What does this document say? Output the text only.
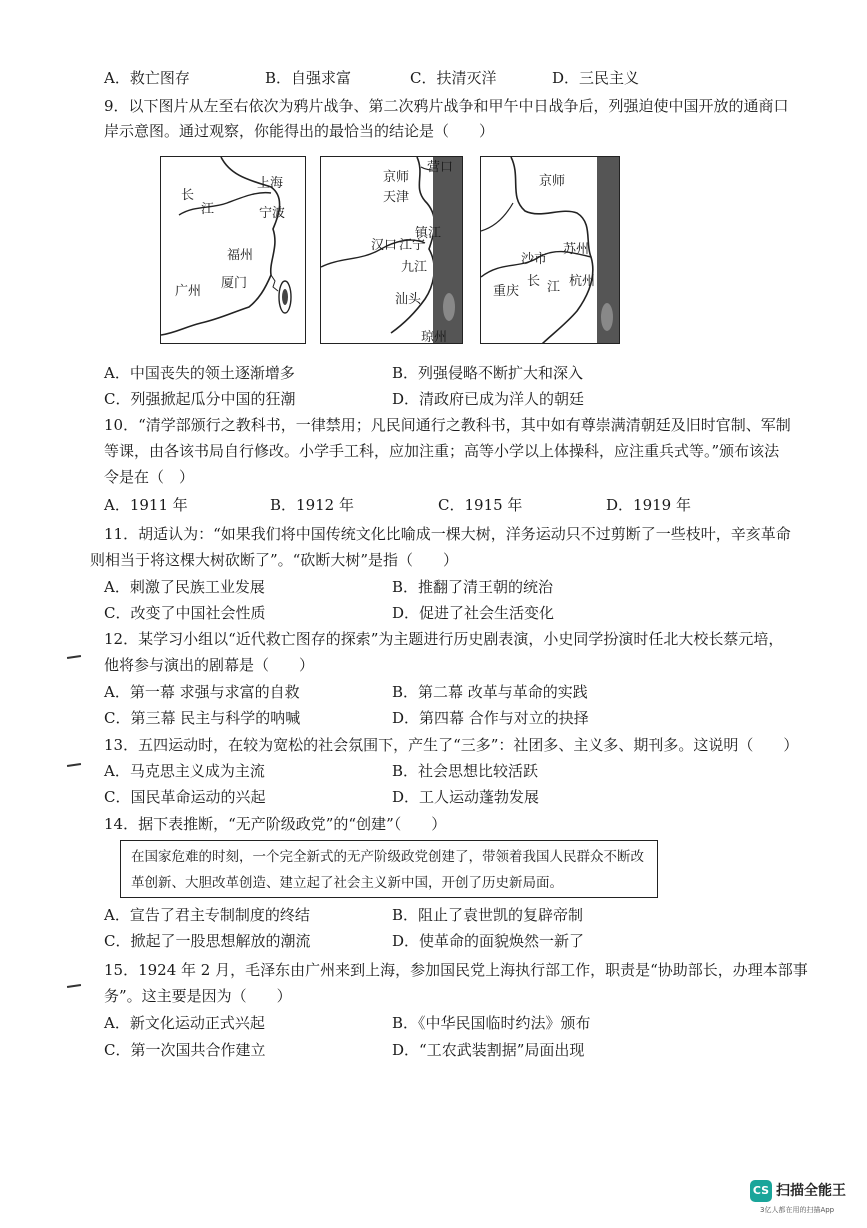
A．救亡图存	B．自强求富	C．扶清灭洋	D．三民主义
9．以下图片从左至右依次为鸦片战争、第二次鸦片战争和甲午中日战争后，列强迫使中国开放的通商口
岸示意图。通过观察，你能得出的最恰当的结论是（　　）
长
江
上海
宁波
福州
厦门
广州
京师
营口
天津
汉口 江宁
镇江
九江
汕头
琼州
京师
苏州
沙市
重庆
长 江 杭州
A．中国丧失的领土逐渐增多	B．列强侵略不断扩大和深入
C．列强掀起瓜分中国的狂潮	D．清政府已成为洋人的朝廷
10．“清学部颁行之教科书，一律禁用；凡民间通行之教科书，其中如有尊崇满清朝廷及旧时官制、军制
等课，由各该书局自行修改。小学手工科，应加注重；高等小学以上体操科，应注重兵式等。”颁布该法
令是在（　）
A．1911 年	B．1912 年	C．1915 年	D．1919 年
11．胡适认为：“如果我们将中国传统文化比喻成一棵大树，洋务运动只不过剪断了一些枝叶，辛亥革命
则相当于将这棵大树砍断了”。“砍断大树”是指（　　）
A．刺激了民族工业发展	B．推翻了清王朝的统治
C．改变了中国社会性质	D．促进了社会生活变化
12．某学习小组以“近代救亡图存的探索”为主题进行历史剧表演，小史同学扮演时任北大校长蔡元培，
他将参与演出的剧幕是（　　）
A．第一幕 求强与求富的自救	B．第二幕 改革与革命的实践
C．第三幕 民主与科学的呐喊	D．第四幕 合作与对立的抉择
13．五四运动时，在较为宽松的社会氛围下，产生了“三多”：社团多、主义多、期刊多。这说明（　　）
A．马克思主义成为主流	B．社会思想比较活跃
C．国民革命运动的兴起	D．工人运动蓬勃发展
14．据下表推断，“无产阶级政党”的“创建”（　　）
在国家危难的时刻，一个完全新式的无产阶级政党创建了，带领着我国人民群众不断改革创新、大胆改革创造、建立起了社会主义新中国，开创了历史新局面。
A．宣告了君主专制制度的终结	B．阻止了袁世凯的复辟帝制
C．掀起了一股思想解放的潮流	D．使革命的面貌焕然一新了
15．1924 年 2 月，毛泽东由广州来到上海，参加国民党上海执行部工作，职责是“协助部长，办理本部事
务”。这主要是因为（　　）
A．新文化运动正式兴起	B．《中华民国临时约法》颁布
C．第一次国共合作建立	D．“工农武装割据”局面出现
CS 扫描全能王
3亿人都在用的扫描App
